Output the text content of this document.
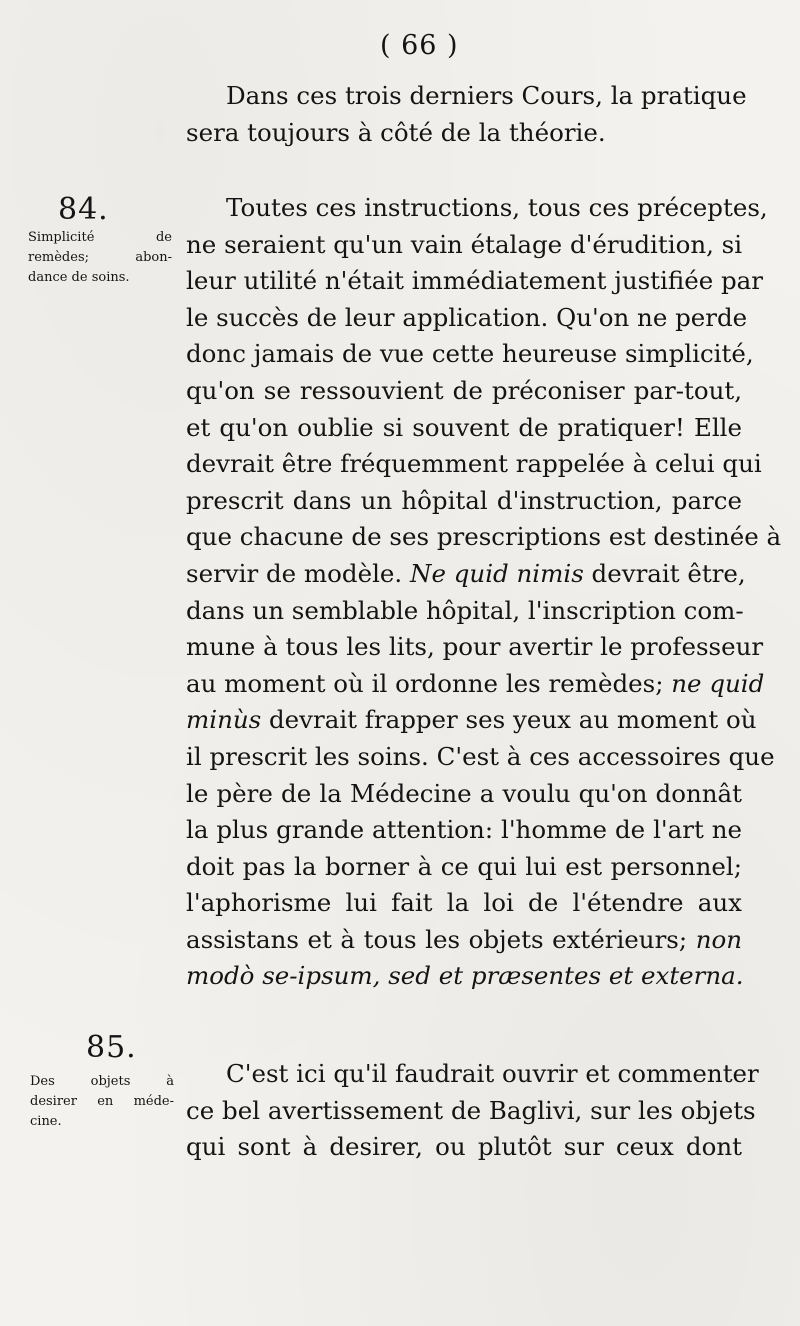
( 66 )
Dans ces trois derniers Cours, la pratique
sera toujours à côté de la théorie.
84.
Simplicité de
remèdes; abon-
dance de soins.
Toutes ces instructions, tous ces préceptes,
ne seraient qu'un vain étalage d'érudition, si
leur utilité n'était immédiatement justifiée par
le succès de leur application. Qu'on ne perde
donc jamais de vue cette heureuse simplicité,
qu'on se ressouvient de préconiser par-tout,
et qu'on oublie si souvent de pratiquer! Elle
devrait être fréquemment rappelée à celui qui
prescrit dans un hôpital d'instruction, parce
que chacune de ses prescriptions est destinée à
servir de modèle. Ne quid nimis devrait être,
dans un semblable hôpital, l'inscription com-
mune à tous les lits, pour avertir le professeur
au moment où il ordonne les remèdes; ne quid
minùs devrait frapper ses yeux au moment où
il prescrit les soins. C'est à ces accessoires que
le père de la Médecine a voulu qu'on donnât
la plus grande attention: l'homme de l'art ne
doit pas la borner à ce qui lui est personnel;
l'aphorisme lui fait la loi de l'étendre aux
assistans et à tous les objets extérieurs; non
modò se-ipsum, sed et præsentes et externa.
85.
Des objets à
desirer en méde-
cine.
C'est ici qu'il faudrait ouvrir et commenter
ce bel avertissement de Baglivi, sur les objets
qui sont à desirer, ou plutôt sur ceux dont
